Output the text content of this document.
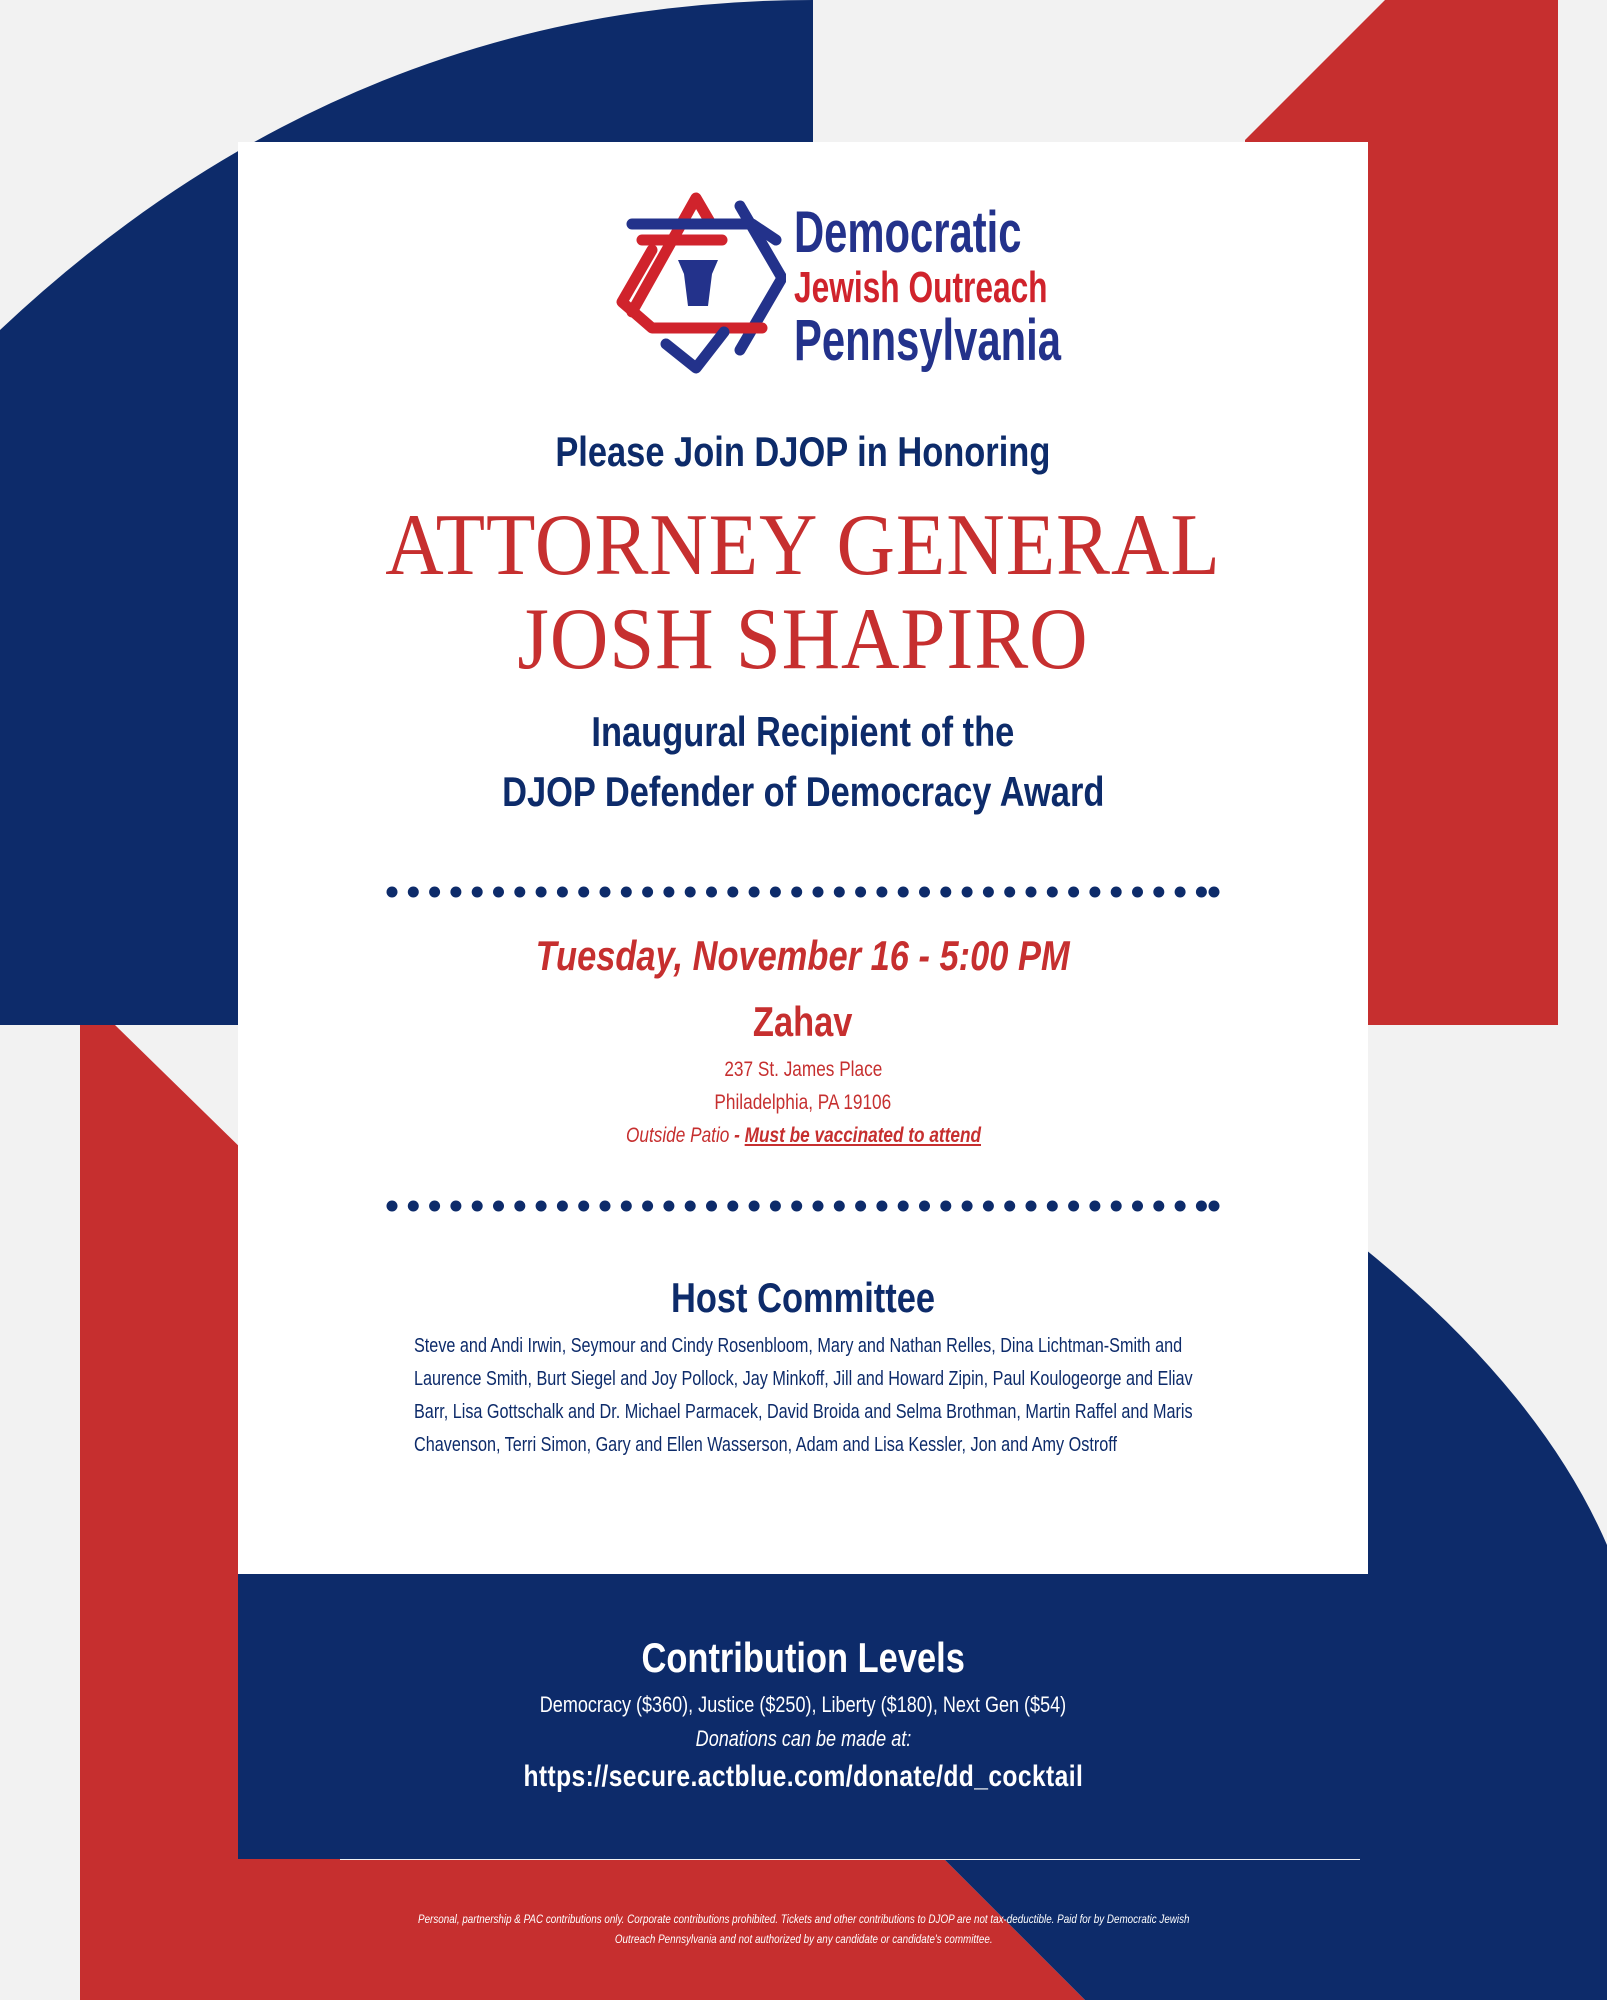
Democratic
Jewish Outreach
Pennsylvania
Please Join DJOP in Honoring
ATTORNEY GENERAL
JOSH SHAPIRO
Inaugural Recipient of the
DJOP Defender of Democracy Award
Tuesday, November 16 - 5:00 PM
Zahav
237 St. James Place
Philadelphia, PA 19106
Outside Patio - Must be vaccinated to attend
Host Committee
Steve and Andi Irwin, Seymour and Cindy Rosenbloom, Mary and Nathan Relles, Dina Lichtman-Smith and Laurence Smith, Burt Siegel and Joy Pollock, Jay Minkoff, Jill and Howard Zipin, Paul Koulogeorge and Eliav Barr, Lisa Gottschalk and Dr. Michael Parmacek, David Broida and Selma Brothman, Martin Raffel and Maris Chavenson, Terri Simon, Gary and Ellen Wasserson, Adam and Lisa Kessler, Jon and Amy Ostroff
Contribution Levels
Democracy ($360), Justice ($250), Liberty ($180), Next Gen ($54)
Donations can be made at:
https://secure.actblue.com/donate/dd_cocktail
Personal, partnership & PAC contributions only. Corporate contributions prohibited. Tickets and other contributions to DJOP are not tax-deductible. Paid for by Democratic Jewish Outreach Pennsylvania and not authorized by any candidate or candidate's committee.
